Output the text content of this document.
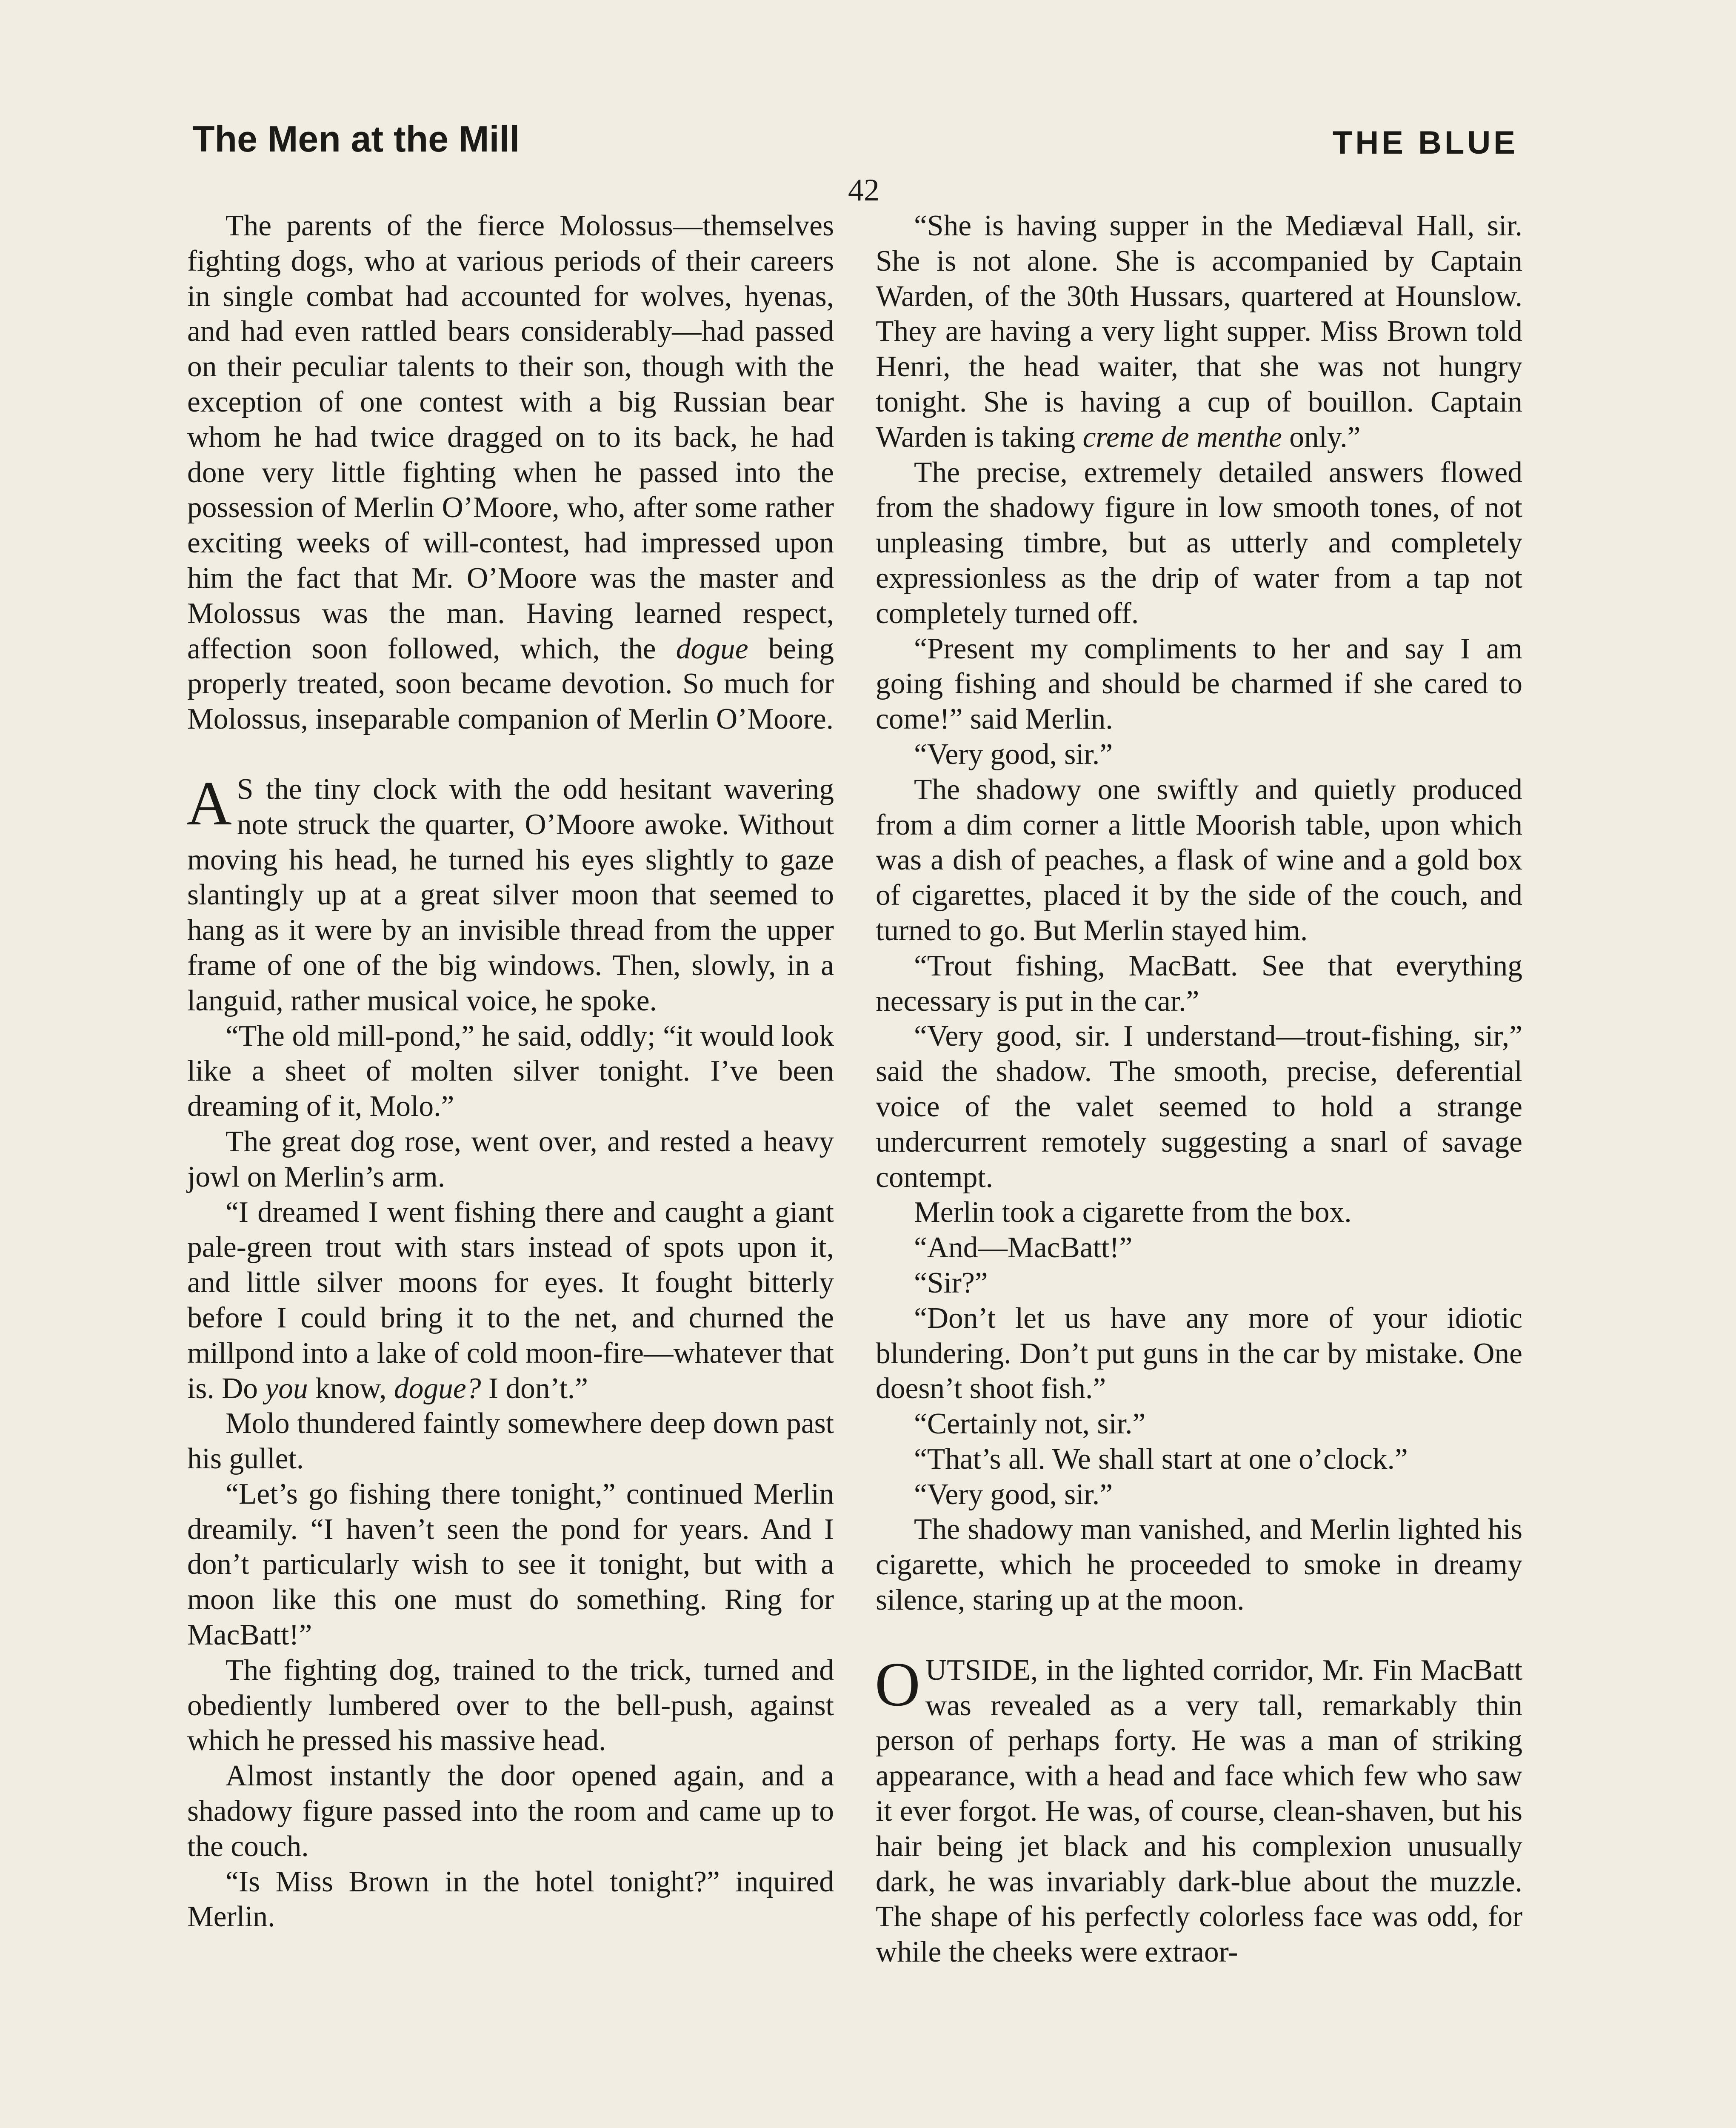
The Men at the Mill	THE BLUE
42

The parents of the fierce Molossus—themselves fighting dogs, who at various periods of their careers in single combat had accounted for wolves, hyenas, and had even rattled bears considerably—had passed on their peculiar talents to their son, though with the exception of one contest with a big Russian bear whom he had twice dragged on to its back, he had done very little fighting when he passed into the possession of Merlin O’Moore, who, after some rather exciting weeks of will-contest, had impressed upon him the fact that Mr. O’Moore was the master and Molossus was the man. Having learned respect, affection soon followed, which, the dogue being properly treated, soon became devotion. So much for Molossus, inseparable companion of Merlin O’Moore.

A S the tiny clock with the odd hesitant wavering note struck the quarter, O’Moore awoke. Without moving his head, he turned his eyes slightly to gaze slantingly up at a great silver moon that seemed to hang as it were by an invisible thread from the upper frame of one of the big windows. Then, slowly, in a languid, rather musical voice, he spoke.

“The old mill-pond,” he said, oddly; “it would look like a sheet of molten silver tonight. I’ve been dreaming of it, Molo.”

The great dog rose, went over, and rested a heavy jowl on Merlin’s arm.

“I dreamed I went fishing there and caught a giant pale-green trout with stars instead of spots upon it, and little silver moons for eyes. It fought bitterly before I could bring it to the net, and churned the millpond into a lake of cold moon-fire—whatever that is. Do you know, dogue? I don’t.”

Molo thundered faintly somewhere deep down past his gullet.

“Let’s go fishing there tonight,” continued Merlin dreamily. “I haven’t seen the pond for years. And I don’t particularly wish to see it tonight, but with a moon like this one must do something. Ring for MacBatt!”

The fighting dog, trained to the trick, turned and obediently lumbered over to the bell-push, against which he pressed his massive head.

Almost instantly the door opened again, and a shadowy figure passed into the room and came up to the couch.

“Is Miss Brown in the hotel tonight?” inquired Merlin.

“She is having supper in the Mediæval Hall, sir. She is not alone. She is accompanied by Captain Warden, of the 30th Hussars, quartered at Hounslow. They are having a very light supper. Miss Brown told Henri, the head waiter, that she was not hungry tonight. She is having a cup of bouillon. Captain Warden is taking creme de menthe only.”

The precise, extremely detailed answers flowed from the shadowy figure in low smooth tones, of not unpleasing timbre, but as utterly and completely expressionless as the drip of water from a tap not completely turned off.

“Present my compliments to her and say I am going fishing and should be charmed if she cared to come!” said Merlin.

“Very good, sir.”

The shadowy one swiftly and quietly produced from a dim corner a little Moorish table, upon which was a dish of peaches, a flask of wine and a gold box of cigarettes, placed it by the side of the couch, and turned to go. But Merlin stayed him.

“Trout fishing, MacBatt. See that everything necessary is put in the car.”

“Very good, sir. I understand—trout-fishing, sir,” said the shadow. The smooth, precise, deferential voice of the valet seemed to hold a strange undercurrent remotely suggesting a snarl of savage contempt.

Merlin took a cigarette from the box.

“And—MacBatt!”

“Sir?”

“Don’t let us have any more of your idiotic blundering. Don’t put guns in the car by mistake. One doesn’t shoot fish.”

“Certainly not, sir.”

“That’s all. We shall start at one o’clock.”

“Very good, sir.”

The shadowy man vanished, and Merlin lighted his cigarette, which he proceeded to smoke in dreamy silence, staring up at the moon.

OUTSIDE, in the lighted corridor, Mr. Fin MacBatt was revealed as a very tall, remarkably thin person of perhaps forty. He was a man of striking appearance, with a head and face which few who saw it ever forgot. He was, of course, clean-shaven, but his hair being jet black and his complexion unusually dark, he was invariably dark-blue about the muzzle. The shape of his perfectly colorless face was odd, for while the cheeks were extraor-
